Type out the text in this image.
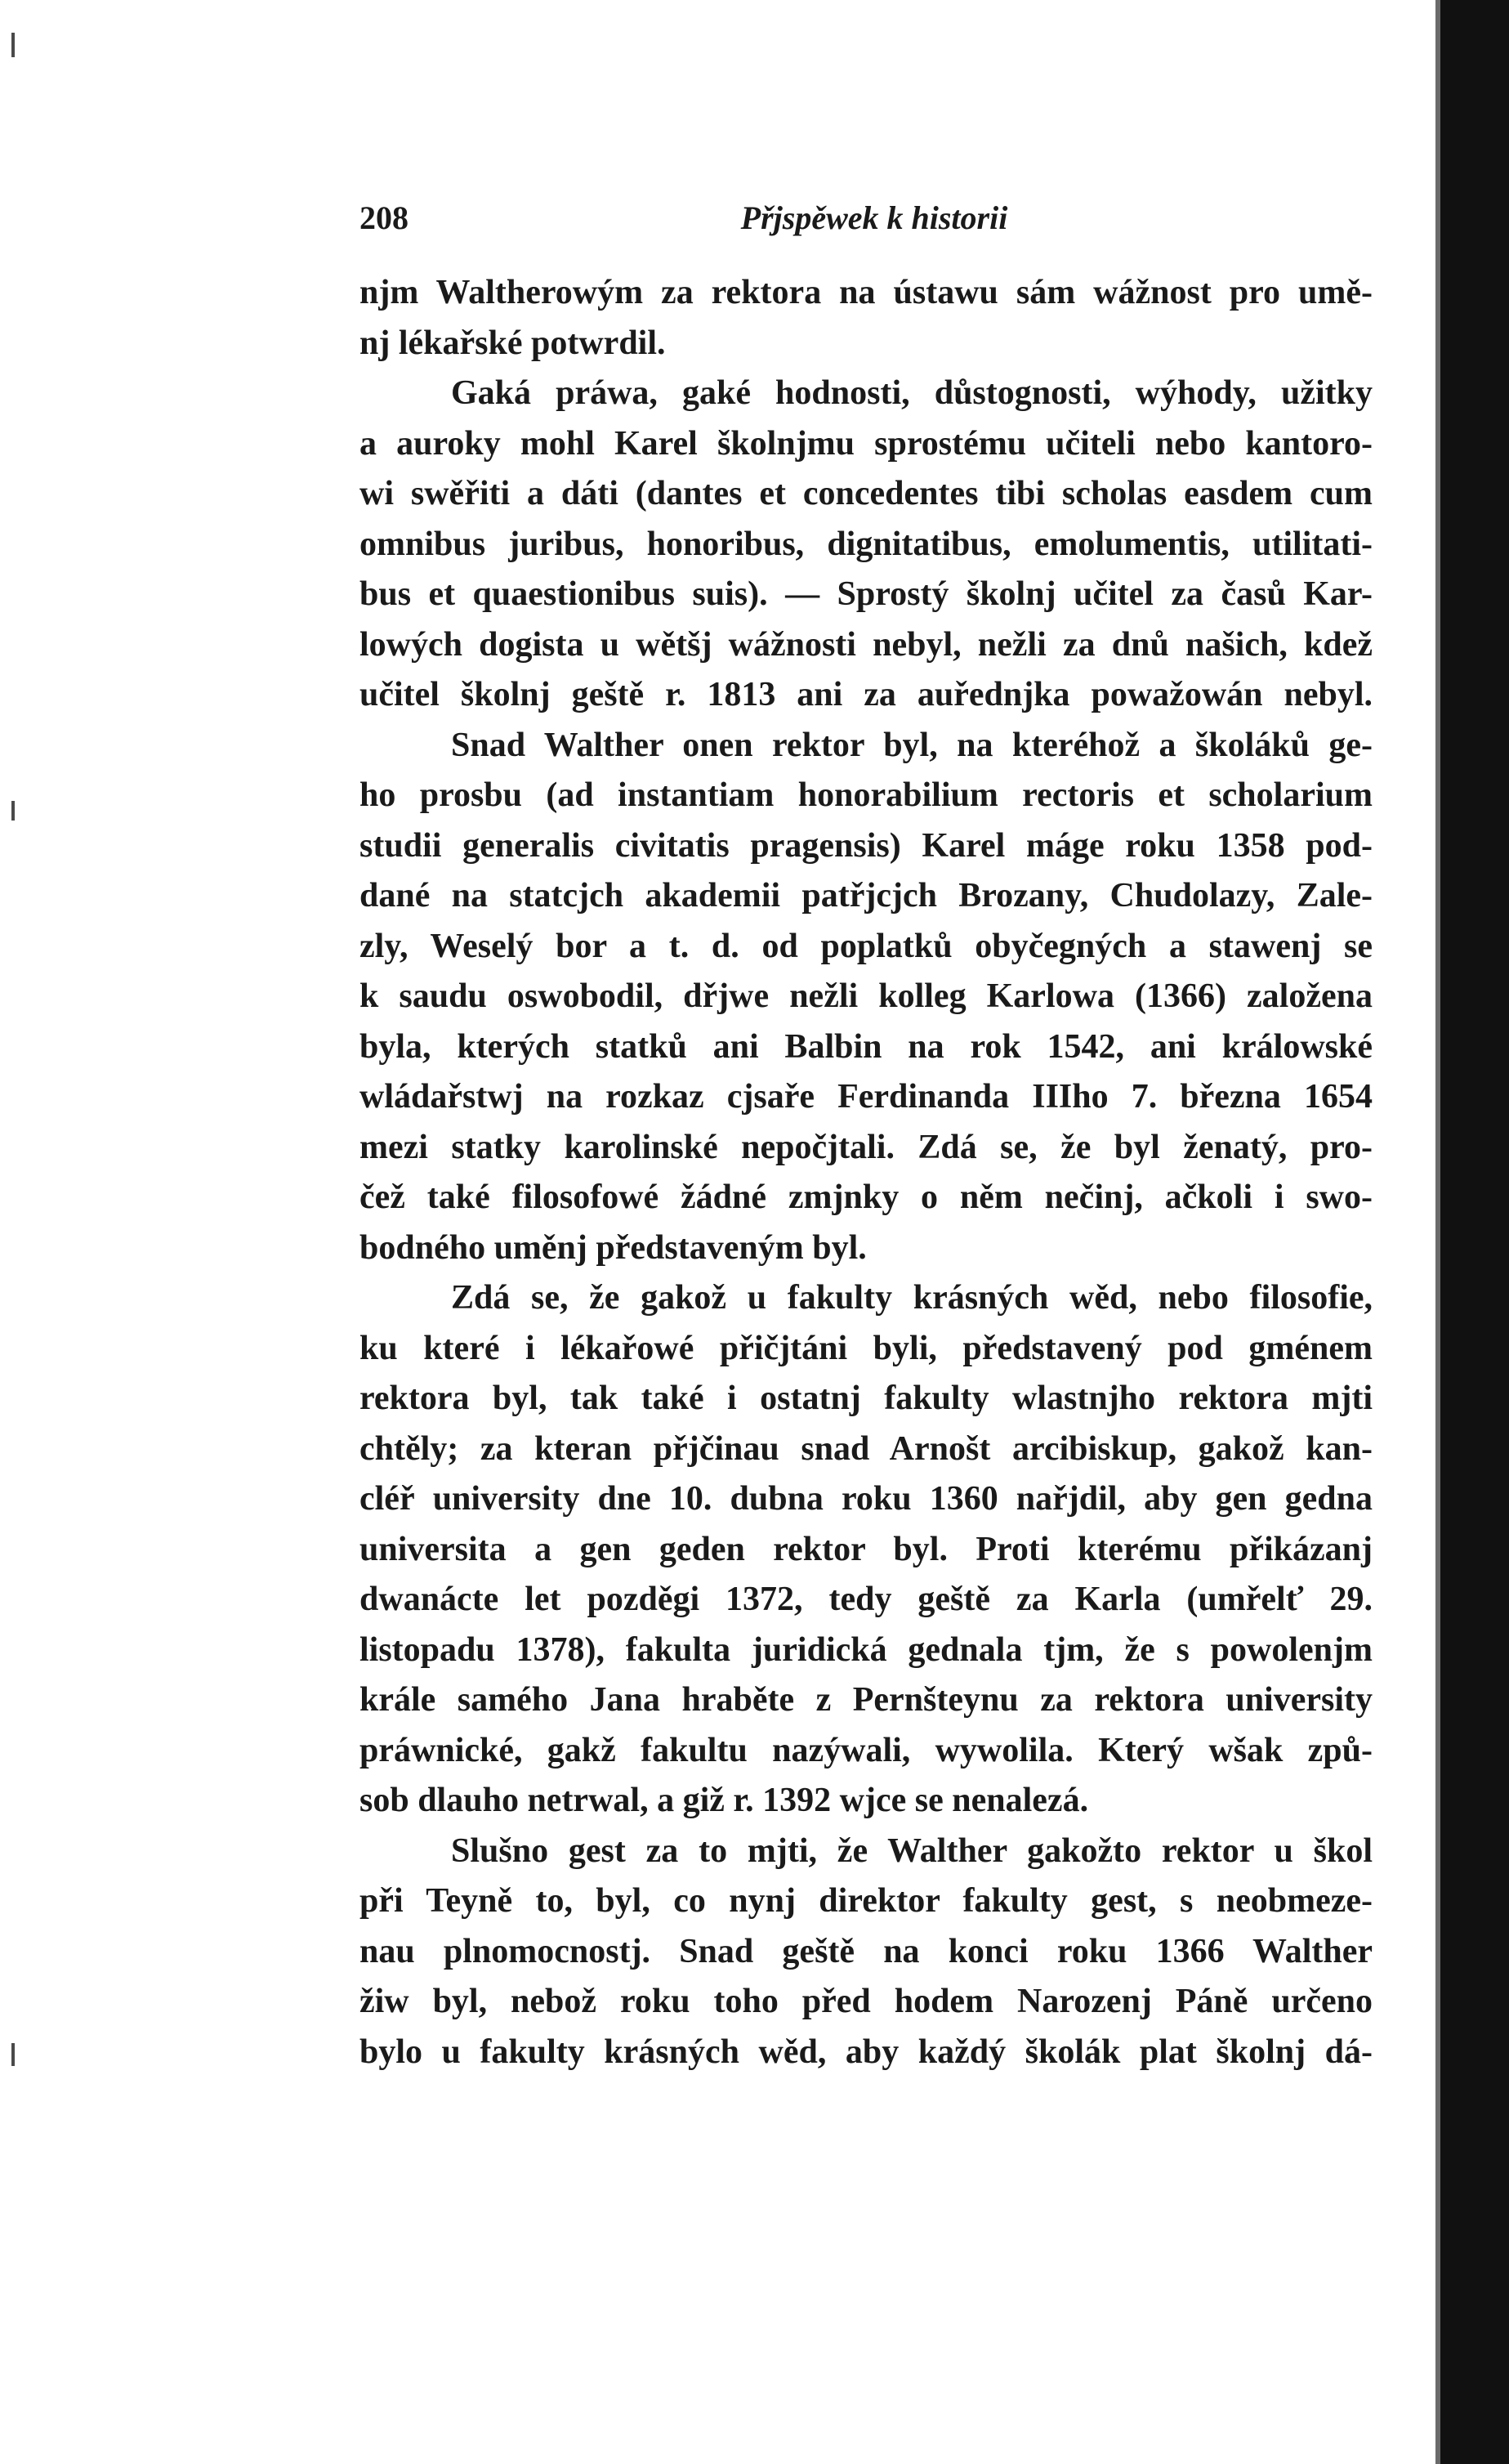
208	Přjspěwek k historii
njm Waltherowým za rektora na ústawu sám wážnost pro umě-
nj lékařské potwrdil.
Gaká práwa, gaké hodnosti, důstognosti, wýhody, užitky
a auroky mohl Karel školnjmu sprostému učiteli nebo kantoro-
wi swěřiti a dáti (dantes et concedentes tibi scholas easdem cum
omnibus juribus, honoribus, dignitatibus, emolumentis, utilitati-
bus et quaestionibus suis). — Sprostý školnj učitel za časů Kar-
lowých dogista u wětšj wážnosti nebyl, nežli za dnů našich, kdež
učitel školnj geště r. 1813 ani za auřednjka powažowán nebyl.
Snad Walther onen rektor byl, na kteréhož a školáků ge-
ho prosbu (ad instantiam honorabilium rectoris et scholarium
studii generalis civitatis pragensis) Karel máge roku 1358 pod-
dané na statcjch akademii patřjcjch Brozany, Chudolazy, Zale-
zly, Weselý bor a t. d. od poplatků obyčegných a stawenj se
k saudu oswobodil, dřjwe nežli kolleg Karlowa (1366) založena
byla, kterých statků ani Balbin na rok 1542, ani králowské
wládařstwj na rozkaz cjsaře Ferdinanda IIIho 7. března 1654
mezi statky karolinské nepočjtali. Zdá se, že byl ženatý, pro-
čež také filosofowé žádné zmjnky o něm nečinj, ačkoli i swo-
bodného uměnj představeným byl.
Zdá se, že gakož u fakulty krásných wěd, nebo filosofie,
ku které i lékařowé přičjtáni byli, představený pod gménem
rektora byl, tak také i ostatnj fakulty wlastnjho rektora mjti
chtěly; za kteran přjčinau snad Arnošt arcibiskup, gakož kan-
cléř university dne 10. dubna roku 1360 nařjdil, aby gen gedna
universita a gen geden rektor byl. Proti kterému přikázanj
dwanácte let pozděgi 1372, tedy geště za Karla (umřelť 29.
listopadu 1378), fakulta juridická gednala tjm, že s powolenjm
krále samého Jana hraběte z Pernšteynu za rektora university
práwnické, gakž fakultu nazýwali, wywolila. Který wšak způ-
sob dlauho netrwal, a giž r. 1392 wjce se nenalezá.
Slušno gest za to mjti, že Walther gakožto rektor u škol
při Teyně to, byl, co nynj direktor fakulty gest, s neobmeze-
nau plnomocnostj. Snad geště na konci roku 1366 Walther
žiw byl, nebož roku toho před hodem Narozenj Páně určeno
bylo u fakulty krásných wěd, aby každý školák plat školnj dá-
